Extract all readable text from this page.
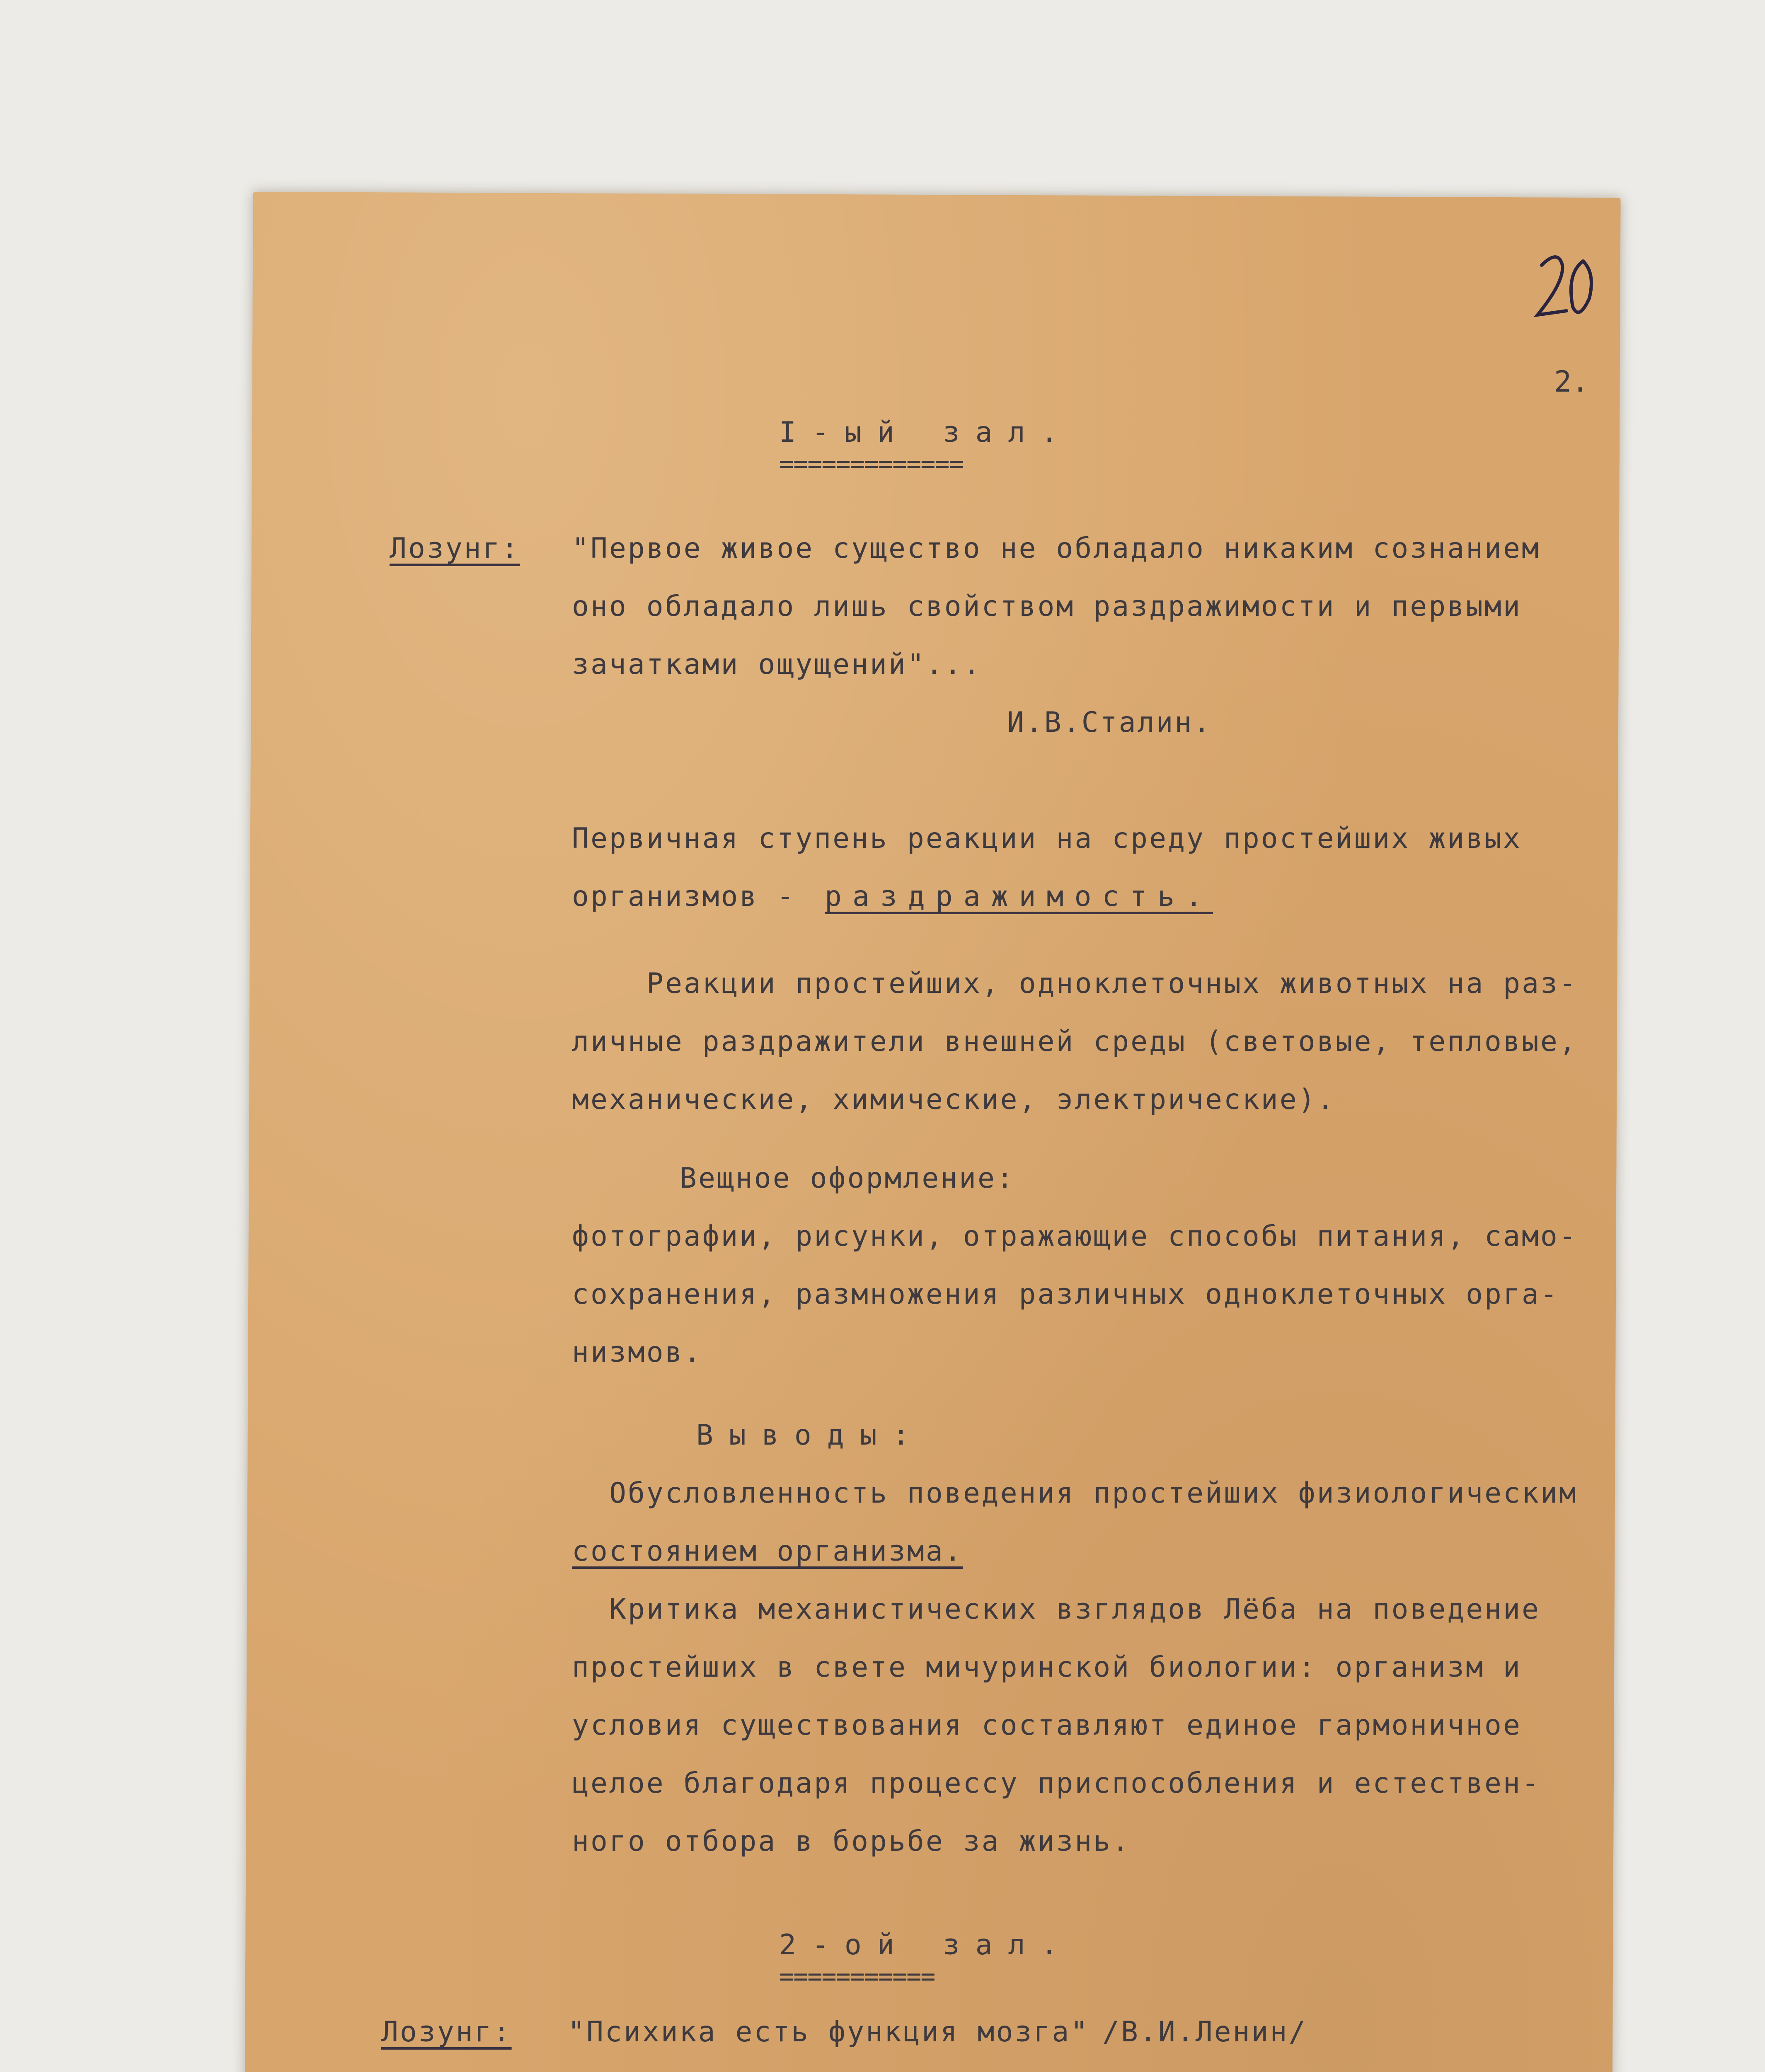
2.
I-ый зал.
=============
Лозунг: "Первое живое существо не обладало никаким сознанием
оно обладало лишь свойством раздражимости и первыми
зачатками ощущений"...
И.В.Сталин.
Первичная ступень реакции на среду простейших живых
организмов - раздражимость.
Реакции простейших, одноклеточных животных на раз-
личные раздражители внешней среды (световые, тепловые,
механические, химические, электрические).
Вещное оформление:
фотографии, рисунки, отражающие способы питания, само-
сохранения, размножения различных одноклеточных орга-
низмов.
Выводы:
Обусловленность поведения простейших физиологическим
состоянием организма.
Критика механистических взглядов Лёба на поведение
простейших в свете мичуринской биологии: организм и
условия существования составляют единое гармоничное
целое благодаря процессу приспособления и естествен-
ного отбора в борьбе за жизнь.
2-ой зал.
===========
Лозунг: "Психика есть функция мозга" /В.И.Ленин/
